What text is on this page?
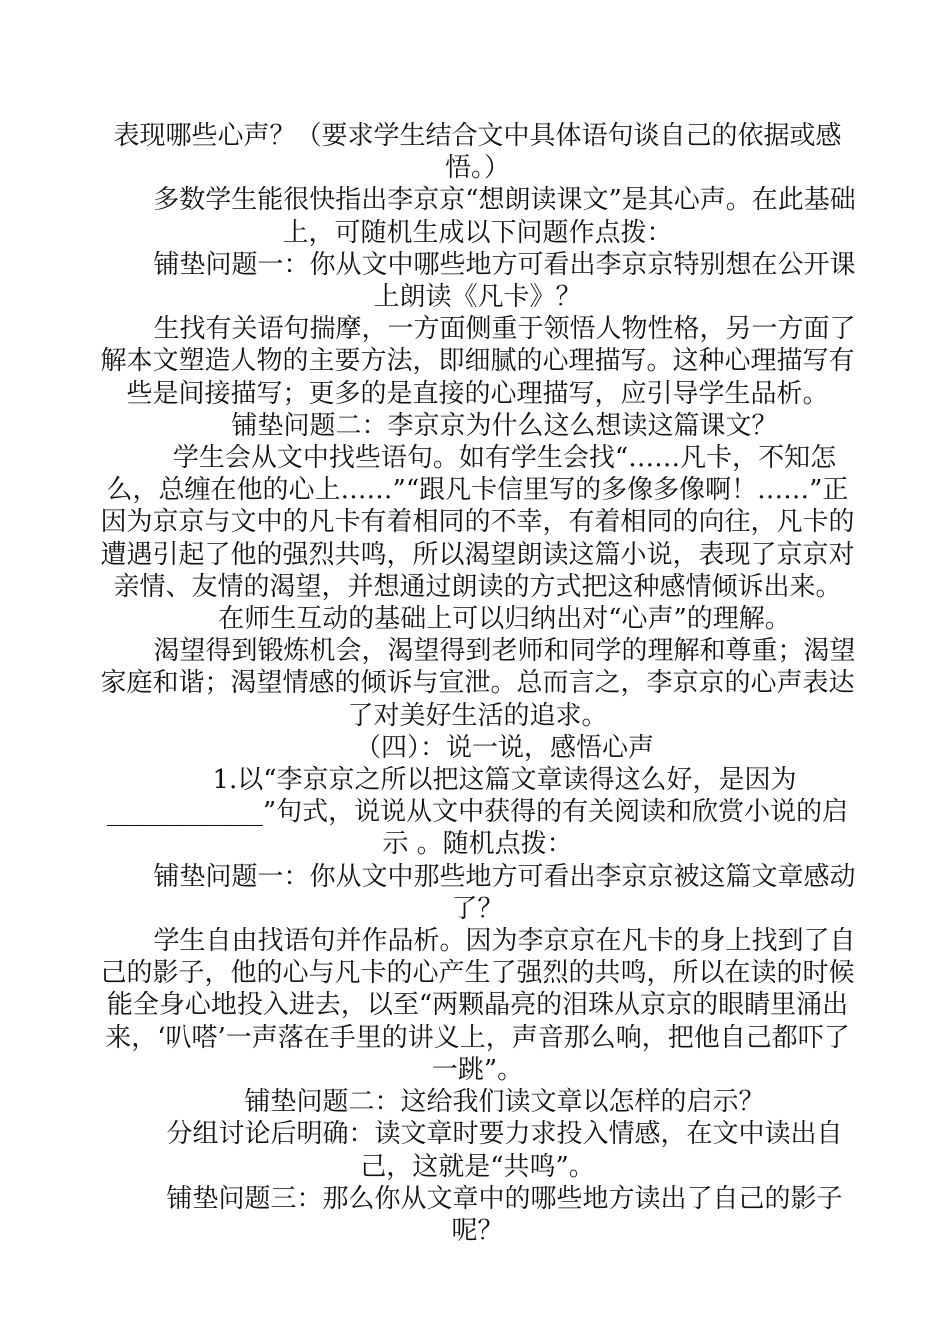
表现哪些心声？（要求学生结合文中具体语句谈自己的依据或感悟。）

多数学生能很快指出李京京“想朗读课文”是其心声。在此基础上，可随机生成以下问题作点拨：

铺垫问题一：你从文中哪些地方可看出李京京特别想在公开课上朗读《凡卡》？

生找有关语句揣摩，一方面侧重于领悟人物性格，另一方面了解本文塑造人物的主要方法，即细腻的心理描写。这种心理描写有些是间接描写；更多的是直接的心理描写，应引导学生品析。

铺垫问题二：李京京为什么这么想读这篇课文？

学生会从文中找些语句。如有学生会找“……凡卡，不知怎么，总缠在他的心上……”“跟凡卡信里写的多像多像啊！……”正因为京京与文中的凡卡有着相同的不幸，有着相同的向往，凡卡的遭遇引起了他的强烈共鸣，所以渴望朗读这篇小说，表现了京京对亲情、友情的渴望，并想通过朗读的方式把这种感情倾诉出来。

在师生互动的基础上可以归纳出对“心声”的理解。

渴望得到锻炼机会，渴望得到老师和同学的理解和尊重；渴望家庭和谐；渴望情感的倾诉与宣泄。总而言之，李京京的心声表达了对美好生活的追求。

（四）：说一说，感悟心声

1.以“李京京之所以把这篇文章读得这么好，是因为____________”句式，说说从文中获得的有关阅读和欣赏小说的启示 。随机点拨：

铺垫问题一：你从文中那些地方可看出李京京被这篇文章感动了？

学生自由找语句并作品析。因为李京京在凡卡的身上找到了自己的影子，他的心与凡卡的心产生了强烈的共鸣，所以在读的时候能全身心地投入进去，以至“两颗晶亮的泪珠从京京的眼睛里涌出来，‘叭嗒’一声落在手里的讲义上，声音那么响，把他自己都吓了一跳”。

铺垫问题二：这给我们读文章以怎样的启示？

分组讨论后明确：读文章时要力求投入情感，在文中读出自己，这就是“共鸣”。

铺垫问题三：那么你从文章中的哪些地方读出了自己的影子呢？
